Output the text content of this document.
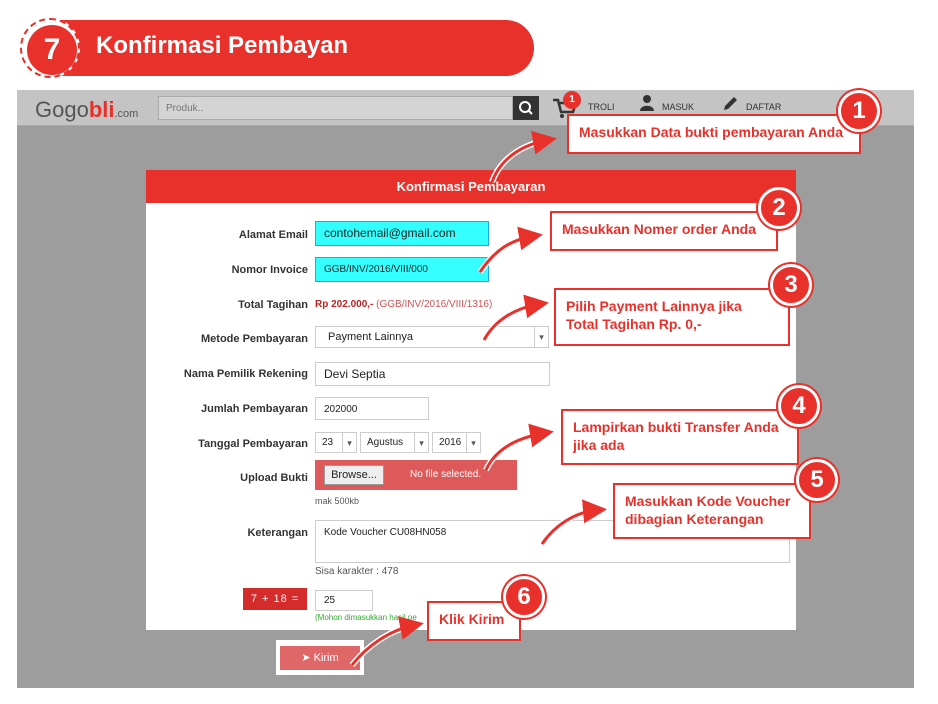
7	Konfirmasi Pembayan
Gogobli.com
Produk..
1
TROLI	MASUK	DAFTAR
Konfirmasi Pembayaran
Alamat Email	contohemail@gmail.com
Nomor Invoice	GGB/INV/2016/VIII/000
Total Tagihan Rp 202.000,- (GGB/INV/2016/VIII/1316)
Metode Pembayaran	Payment Lainnya	▾
Nama Pemilik Rekening	Devi Septia
Jumlah Pembayaran	202000
Tanggal Pembayaran	23	▾	Agustus	▾	2016	▾
Upload Bukti	Browse...	No file selected.
mak 500kb
Keterangan	Kode Voucher CU08HN058
Sisa karakter : 478
7 + 18 =	25
(Mohon dimasukkan hasil pe
➤ Kirim
Masukkan Data bukti pembayaran Anda
1
Masukkan Nomer order Anda
2
Pilih Payment Lainnya jika Total Tagihan Rp. 0,-
3
Lampirkan bukti Transfer Anda jika ada
4
Masukkan Kode Voucher dibagian Keterangan
5
Klik Kirim
6
